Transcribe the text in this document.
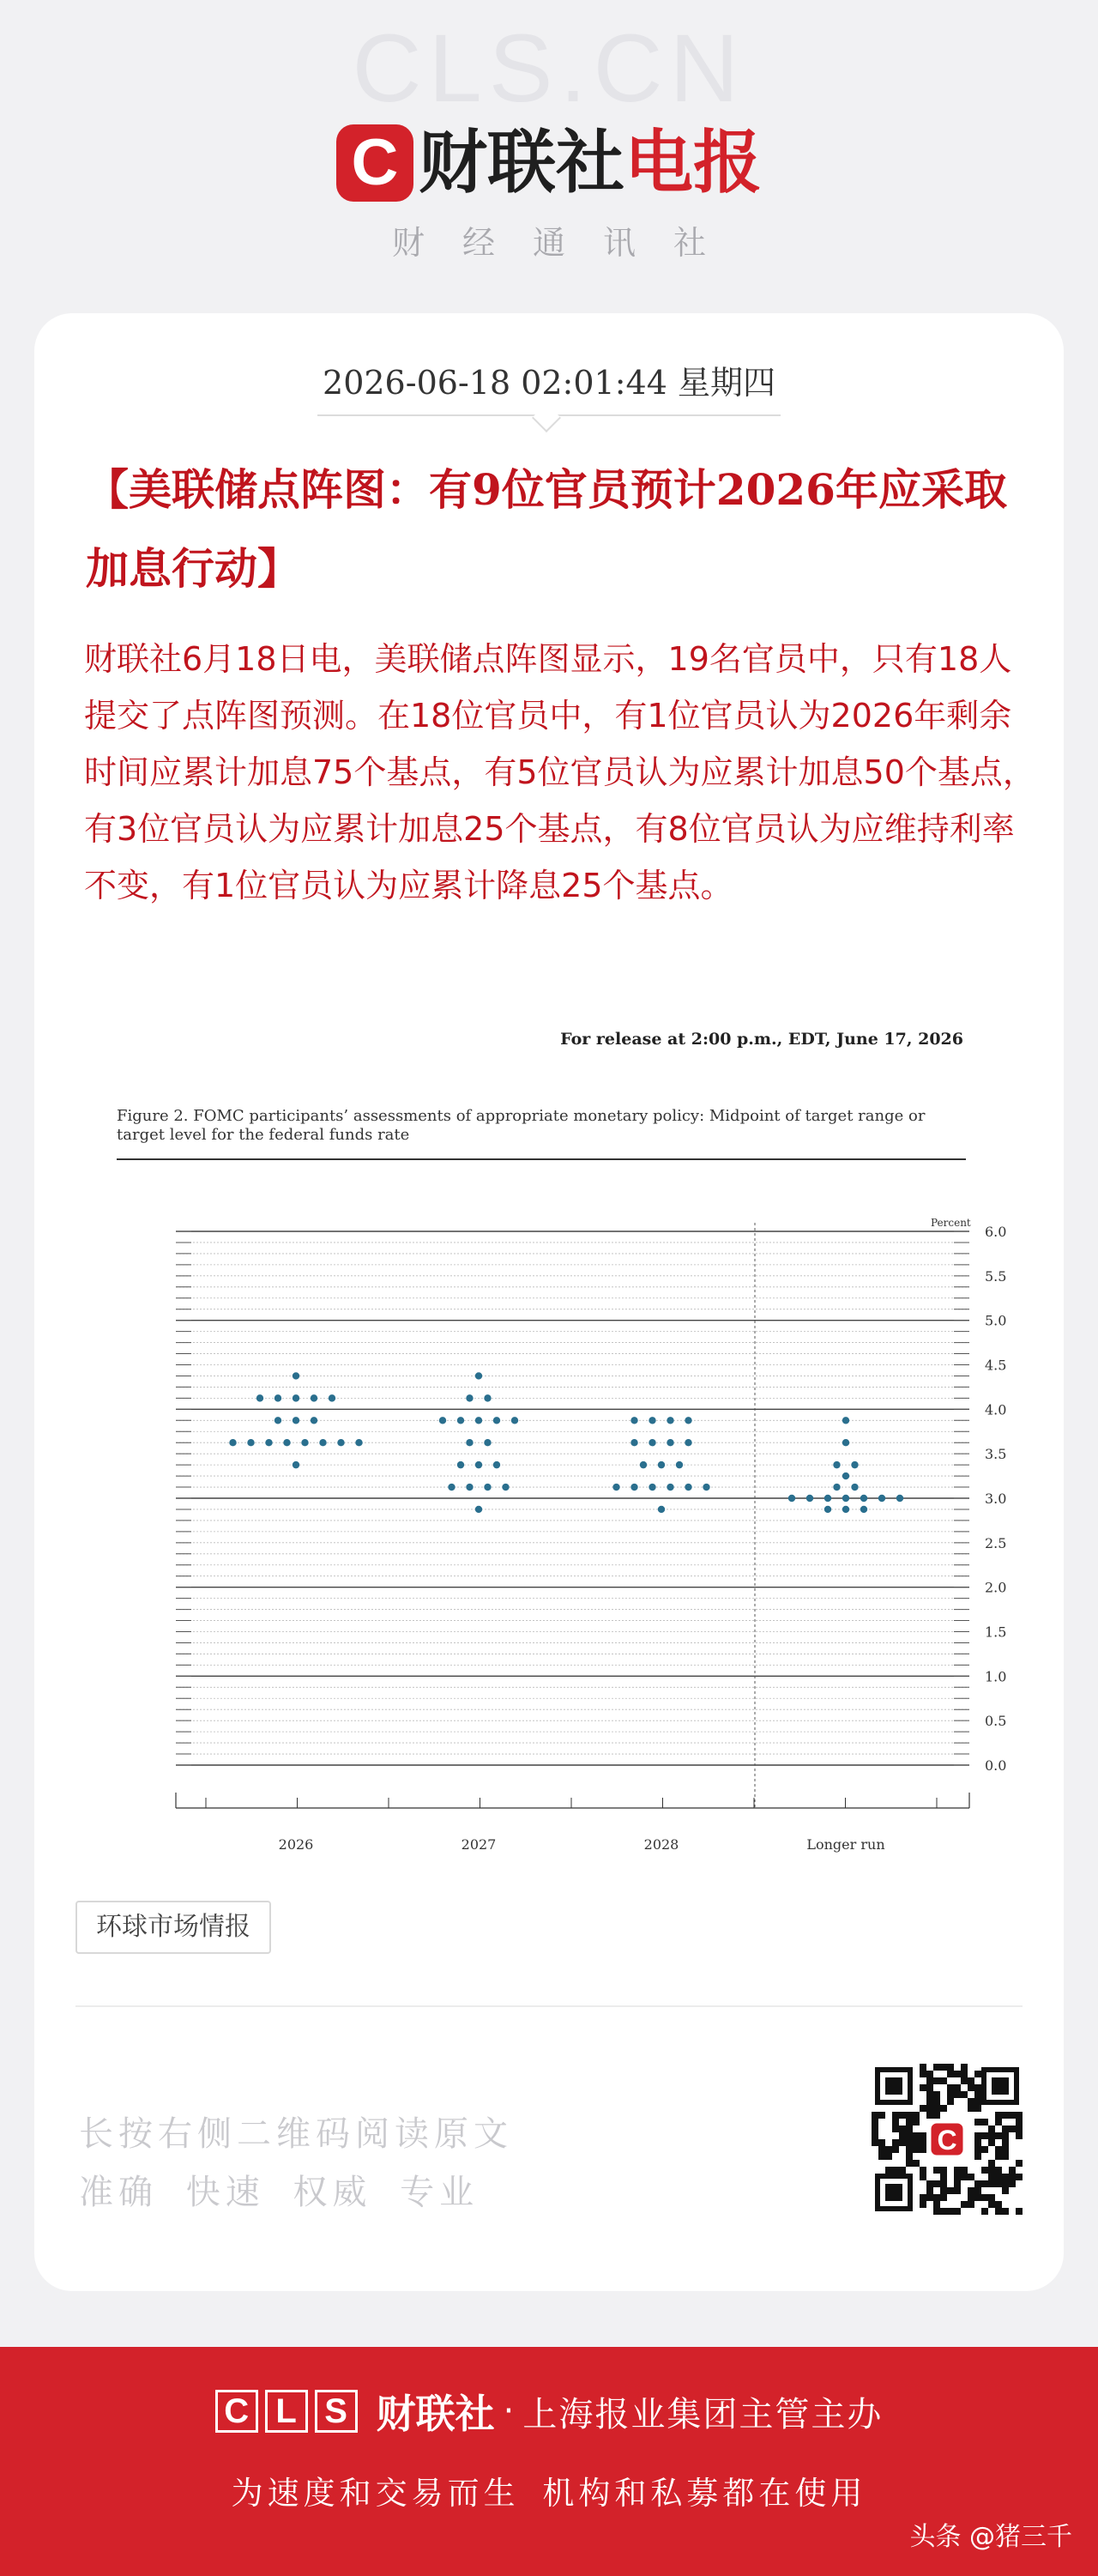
CLS.CN
C 财联社 电报
财经通讯社
2026-06-18 02:01:44 星期四
【美联储点阵图：有9位官员预计2026年应采取加息行动】
财联社6月18日电，美联储点阵图显示，19名官员中，只有18人提交了点阵图预测。在18位官员中，有1位官员认为2026年剩余时间应累计加息75个基点，有5位官员认为应累计加息50个基点，有3位官员认为应累计加息25个基点，有8位官员认为应维持利率不变，有1位官员认为应累计降息25个基点。
For release at 2:00 p.m., EDT, June 17, 2026
Figure 2. FOMC participants’ assessments of appropriate monetary policy: Midpoint of target range or target level for the federal funds rate
6.0
5.5
5.0
4.5
4.0
3.5
3.0
2.5
2.0
1.5
1.0
0.5
0.0
Percent
2026	2027	2028	Longer run
环球市场情报
长按右侧二维码阅读原文
准确 快速 权威 专业
C
C L S 财联社 · 上海报业集团主管主办
为速度和交易而生 机构和私募都在使用
头条 @猪三千
